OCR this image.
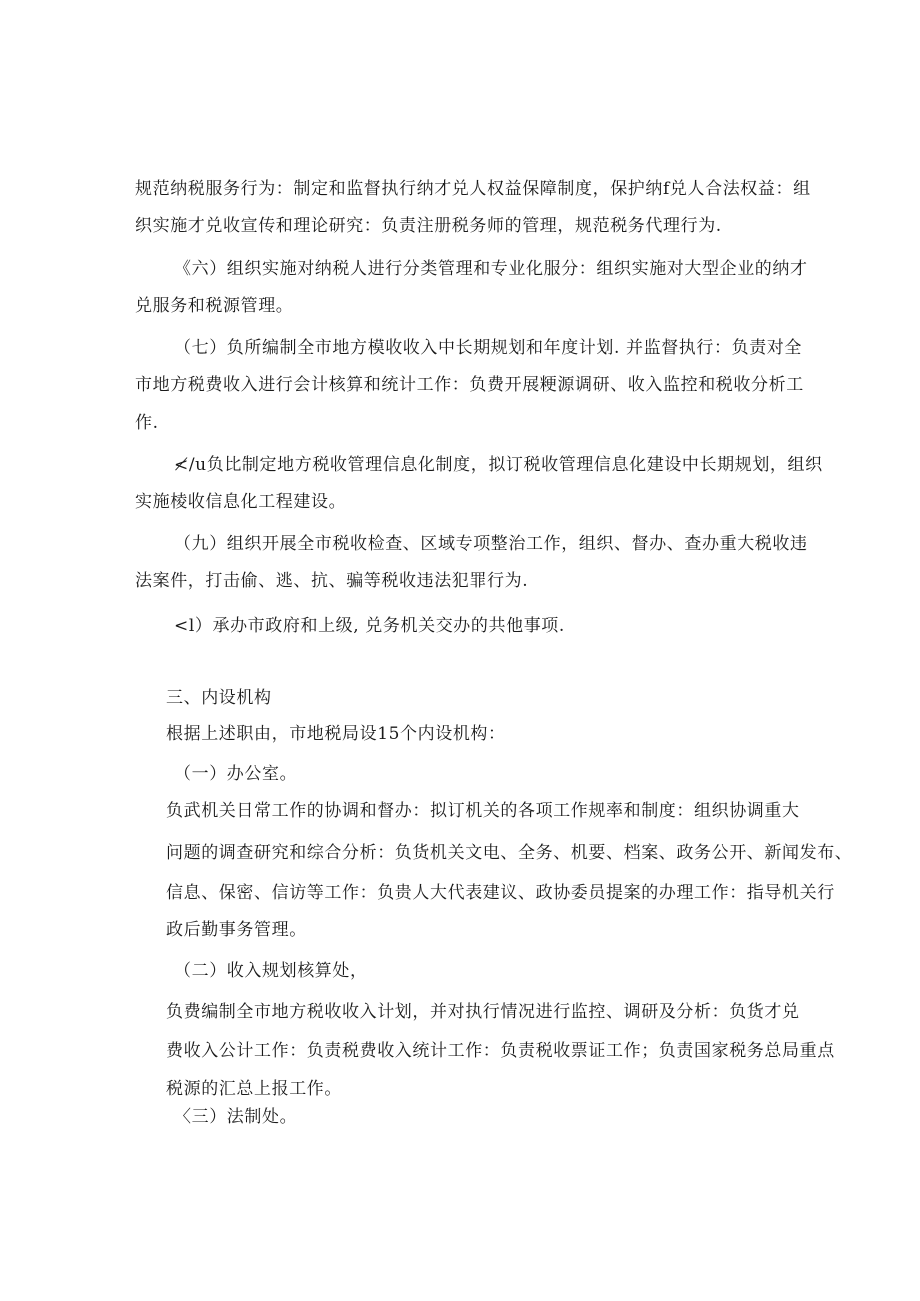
规范纳税服务行为：制定和监督执行纳才兑人权益保障制度，保护纳f兑人合法权益：组
织实施才兑收宣传和理论研究：负责注册税务师的管理，规范税务代理行为.
《六）组织实施对纳税人进行分类管理和专业化服分：组织实施对大型企业的纳才
兑服务和税源管理。
（七）负所编制全市地方模收收入中长期规划和年度计划. 并监督执行：负责对全
市地方税费收入进行会计核算和统计工作：负费开展粳源调研、收入监控和税收分析工
作.
≮/u负比制定地方税收管理信息化制度，拟订税收管理信息化建设中长期规划，组织
实施棱收信息化工程建设。
（九）组织开展全市税收检查、区域专项整治工作，组织、督办、查办重大税收违
法案件，打击偷、逃、抗、骗等税收违法犯罪行为.
<l）承办市政府和上级, 兑务机关交办的共他事项.
三、内设机构
根据上述职由，市地税局设15个内设机构：
（一）办公室。
负武机关日常工作的协调和督办：拟订机关的各项工作规率和制度：组织协调重大
问题的调查研究和综合分析：负货机关文电、全务、机要、档案、政务公开、新闻发布、
信息、保密、信访等工作：负贵人大代表建议、政协委员提案的办理工作：指导机关行
政后勤事务管理。
（二）收入规划核算处，
负费编制全市地方税收收入计划，并对执行情况进行监控、调研及分析：负货才兑
费收入公计工作：负责税费收入统计工作：负责税收票证工作；负责国家税务总局重点
税源的汇总上报工作。
〈三）法制处。
